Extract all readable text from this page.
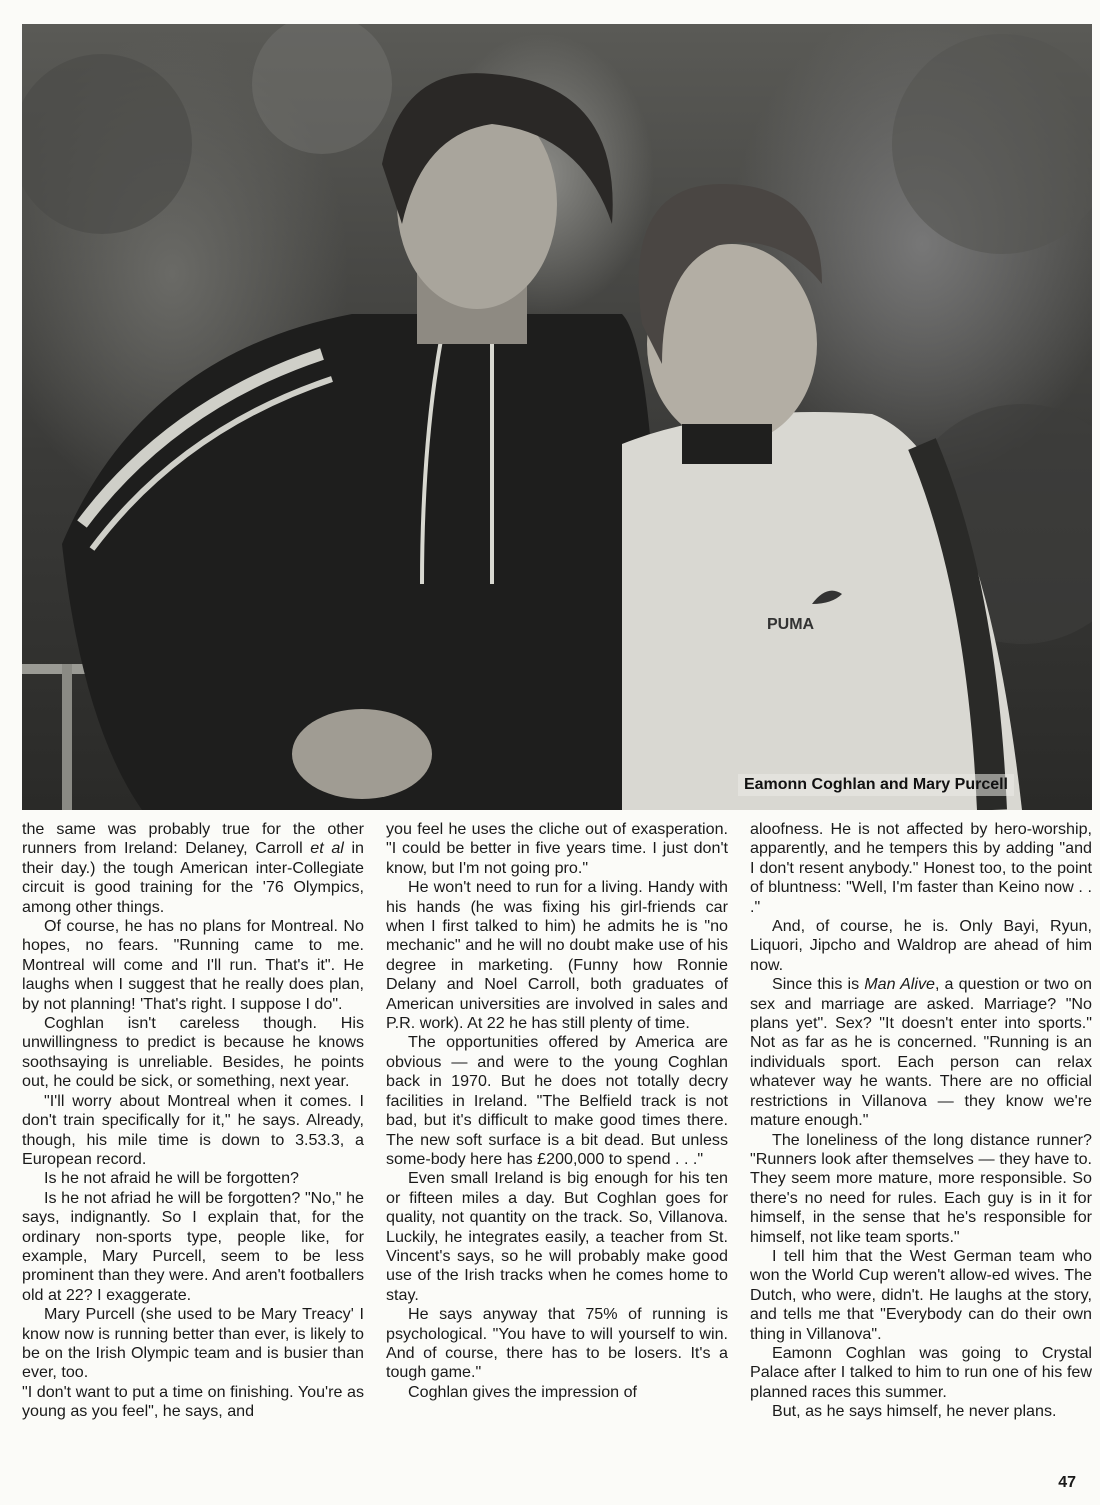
PUMA
Eamonn Coghlan and Mary Purcell

the same was probably true for the other runners from Ireland: Delaney, Carroll et al in their day.) the tough American inter-Collegiate circuit is good training for the '76 Olympics, among other things.

Of course, he has no plans for Montreal. No hopes, no fears. "Running came to me. Montreal will come and I'll run. That's it". He laughs when I suggest that he really does plan, by not planning! 'That's right. I suppose I do".

Coghlan isn't careless though. His unwillingness to predict is because he knows soothsaying is unreliable. Besides, he points out, he could be sick, or something, next year.

"I'll worry about Montreal when it comes. I don't train specifically for it," he says. Already, though, his mile time is down to 3.53.3, a European record.

Is he not afraid he will be forgotten?

Is he not afriad he will be forgotten? "No," he says, indignantly. So I explain that, for the ordinary non-sports type, people like, for example, Mary Purcell, seem to be less prominent than they were. And aren't footballers old at 22? I exaggerate.

Mary Purcell (she used to be Mary Treacy' I know now is running better than ever, is likely to be on the Irish Olympic team and is busier than ever, too.

"I don't want to put a time on finishing. You're as young as you feel", he says, and

you feel he uses the cliche out of exasperation. "I could be better in five years time. I just don't know, but I'm not going pro."

He won't need to run for a living. Handy with his hands (he was fixing his girl-friends car when I first talked to him) he admits he is "no mechanic" and he will no doubt make use of his degree in marketing. (Funny how Ronnie Delany and Noel Carroll, both graduates of American universities are involved in sales and P.R. work). At 22 he has still plenty of time.

The opportunities offered by America are obvious — and were to the young Coghlan back in 1970. But he does not totally decry facilities in Ireland. "The Belfield track is not bad, but it's difficult to make good times there. The new soft surface is a bit dead. But unless some-body here has £200,000 to spend . . ."

Even small Ireland is big enough for his ten or fifteen miles a day. But Coghlan goes for quality, not quantity on the track. So, Villanova. Luckily, he integrates easily, a teacher from St. Vincent's says, so he will probably make good use of the Irish tracks when he comes home to stay.

He says anyway that 75% of running is psychological. "You have to will yourself to win. And of course, there has to be losers. It's a tough game."

Coghlan gives the impression of

aloofness. He is not affected by hero-worship, apparently, and he tempers this by adding "and I don't resent anybody." Honest too, to the point of bluntness: "Well, I'm faster than Keino now . . ."

And, of course, he is. Only Bayi, Ryun, Liquori, Jipcho and Waldrop are ahead of him now.

Since this is Man Alive, a question or two on sex and marriage are asked. Marriage? "No plans yet". Sex? "It doesn't enter into sports." Not as far as he is concerned. "Running is an individuals sport. Each person can relax whatever way he wants. There are no official restrictions in Villanova — they know we're mature enough."

The loneliness of the long distance runner? "Runners look after themselves — they have to. They seem more mature, more responsible. So there's no need for rules. Each guy is in it for himself, in the sense that he's responsible for himself, not like team sports."

I tell him that the West German team who won the World Cup weren't allow-ed wives. The Dutch, who were, didn't. He laughs at the story, and tells me that "Everybody can do their own thing in Villanova".

Eamonn Coghlan was going to Crystal Palace after I talked to him to run one of his few planned races this summer.

But, as he says himself, he never plans.

47
